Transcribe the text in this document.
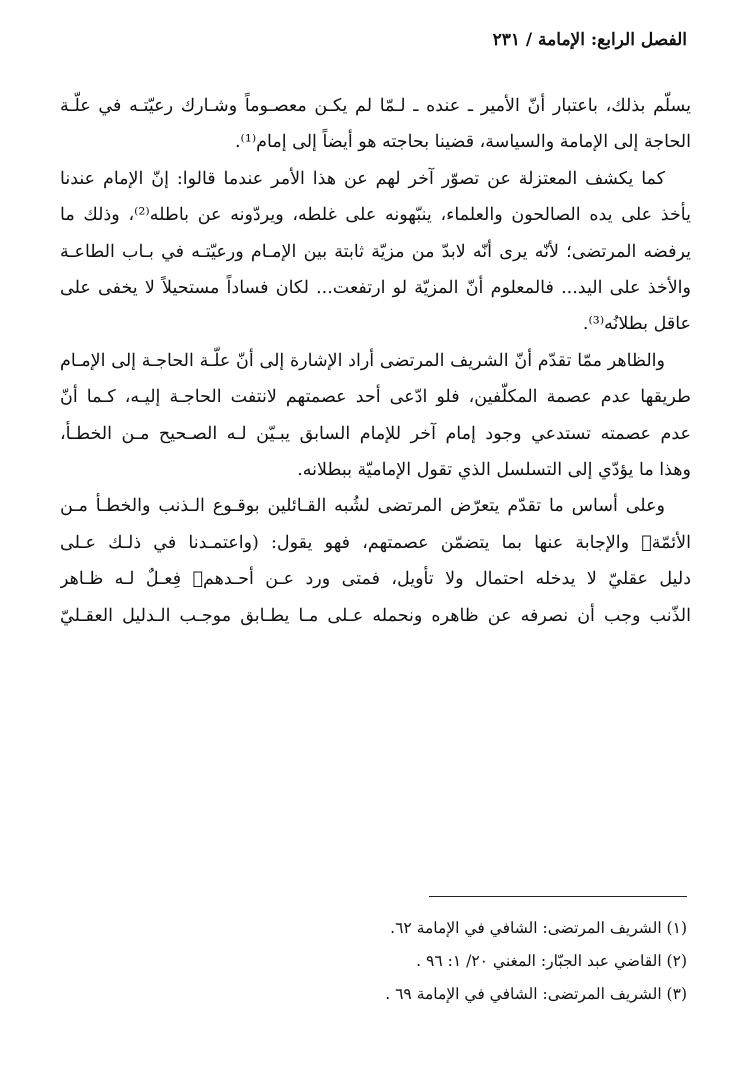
الفصل الرابع: الإمامة / ٢٣١

يسلّم بذلك، باعتبار أنّ الأمير ـ عنده ـ لـمّا لم يكـن معصـوماً وشـارك رعيّتـه في علّـة
الحاجة إلى الإمامة والسياسة، قضينا بحاجته هو أيضاً إلى إمام⁽¹⁾.

كما يكشف المعتزلة عن تصوّر آخر لهم عن هذا الأمر عندما قالوا: إنّ الإمام عندنا

يأخذ على يده الصالحون والعلماء، ينبّهونه على غلطه، ويردّونه عن باطله⁽²⁾، وذلك ما
يرفضه المرتضى؛ لأنّه يرى أنّه لابدّ من مزيّة ثابتة بين الإمـام ورعيّتـه في بـاب الطاعـة
والأخذ على اليد... فالمعلوم أنّ المزيّة لو ارتفعت... لكان فساداً مستحيلاً لا يخفى على
عاقل بطلانُه⁽³⁾.

والظاهر ممّا تقدّم أنّ الشريف المرتضى أراد الإشارة إلى أنّ علّـة الحاجـة إلى الإمـام

طريقها عدم عصمة المكلّفين، فلو ادّعى أحد عصمتهم لانتفت الحاجـة إليـه، كـما أنّ
عدم عصمته تستدعي وجود إمام آخر للإمام السابق يبـيّن لـه الصـحيح مـن الخطـأ،
وهذا ما يؤدّي إلى التسلسل الذي تقول الإماميّة ببطلانه.

وعلى أساس ما تقدّم يتعرّض المرتضى لشُبه القـائلين بوقـوع الـذنب والخطـأ مـن

الأئمّة﷩ والإجابة عنها بما يتضمّن عصمتهم، فهو يقول: (واعتمـدنا في ذلـك عـلى
دليل عقليّ لا يدخله احتمال ولا تأويل، فمتى ورد عـن أحـدهم﷩ فِعـلٌ لـه ظـاهر
الذّنب وجب أن نصرفه عن ظاهره ونحمله عـلى مـا يطـابق موجـب الـدليل العقـليّ

(١) الشريف المرتضى: الشافي في الإمامة ٦٢.
(٢) القاضي عبد الجبّار: المغني ٢٠/ ١: ٩٦ .
(٣) الشريف المرتضى: الشافي في الإمامة ٦٩ .
